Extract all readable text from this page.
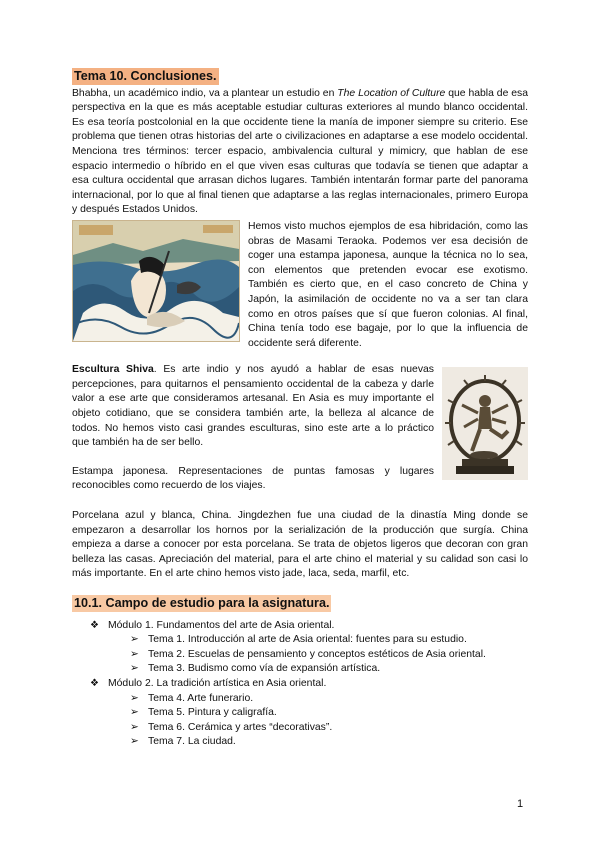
Tema 10. Conclusiones.

Bhabha, un académico indio, va a plantear un estudio en The Location of Culture que habla de esa perspectiva en la que es más aceptable estudiar culturas exteriores al mundo blanco occidental. Es esa teoría postcolonial en la que occidente tiene la manía de imponer siempre su criterio. Ese problema que tienen otras historias del arte o civilizaciones en adaptarse a ese modelo occidental. Menciona tres términos: tercer espacio, ambivalencia cultural y mimicry, que hablan de ese espacio intermedio o híbrido en el que viven esas culturas que todavía se tienen que adaptar a esa cultura occidental que arrasan dichos lugares. También intentarán formar parte del panorama internacional, por lo que al final tienen que adaptarse a las reglas internacionales, primero Europa y después Estados Unidos.

Hemos visto muchos ejemplos de esa hibridación, como las obras de Masami Teraoka. Podemos ver esa decisión de coger una estampa japonesa, aunque la técnica no lo sea, con elementos que pretenden evocar ese exotismo. También es cierto que, en el caso concreto de China y Japón, la asimilación de occidente no va a ser tan clara como en otros países que sí que fueron colonias. Al final, China tenía todo ese bagaje, por lo que la influencia de occidente será diferente.

Escultura Shiva. Es arte indio y nos ayudó a hablar de esas nuevas percepciones, para quitarnos el pensamiento occidental de la cabeza y darle valor a ese arte que consideramos artesanal. En Asia es muy importante el objeto cotidiano, que se considera también arte, la belleza al alcance de todos. No hemos visto casi grandes esculturas, sino este arte a lo práctico que también ha de ser bello.

Estampa japonesa. Representaciones de puntas famosas y lugares reconocibles como recuerdo de los viajes.

Porcelana azul y blanca, China. Jingdezhen fue una ciudad de la dinastía Ming donde se empezaron a desarrollar los hornos por la serialización de la producción que surgía. China empieza a darse a conocer por esta porcelana. Se trata de objetos ligeros que decoran con gran belleza las casas. Apreciación del material, para el arte chino el material y su calidad son casi lo más importante. En el arte chino hemos visto jade, laca, seda, marfil, etc.

10.1. Campo de estudio para la asignatura.
❖ Módulo 1. Fundamentos del arte de Asia oriental.
➢ Tema 1. Introducción al arte de Asia oriental: fuentes para su estudio.
➢ Tema 2. Escuelas de pensamiento y conceptos estéticos de Asia oriental.
➢ Tema 3. Budismo como vía de expansión artística.
❖ Módulo 2. La tradición artística en Asia oriental.
➢ Tema 4. Arte funerario.
➢ Tema 5. Pintura y caligrafía.
➢ Tema 6. Cerámica y artes “decorativas”.
➢ Tema 7. La ciudad.
1
